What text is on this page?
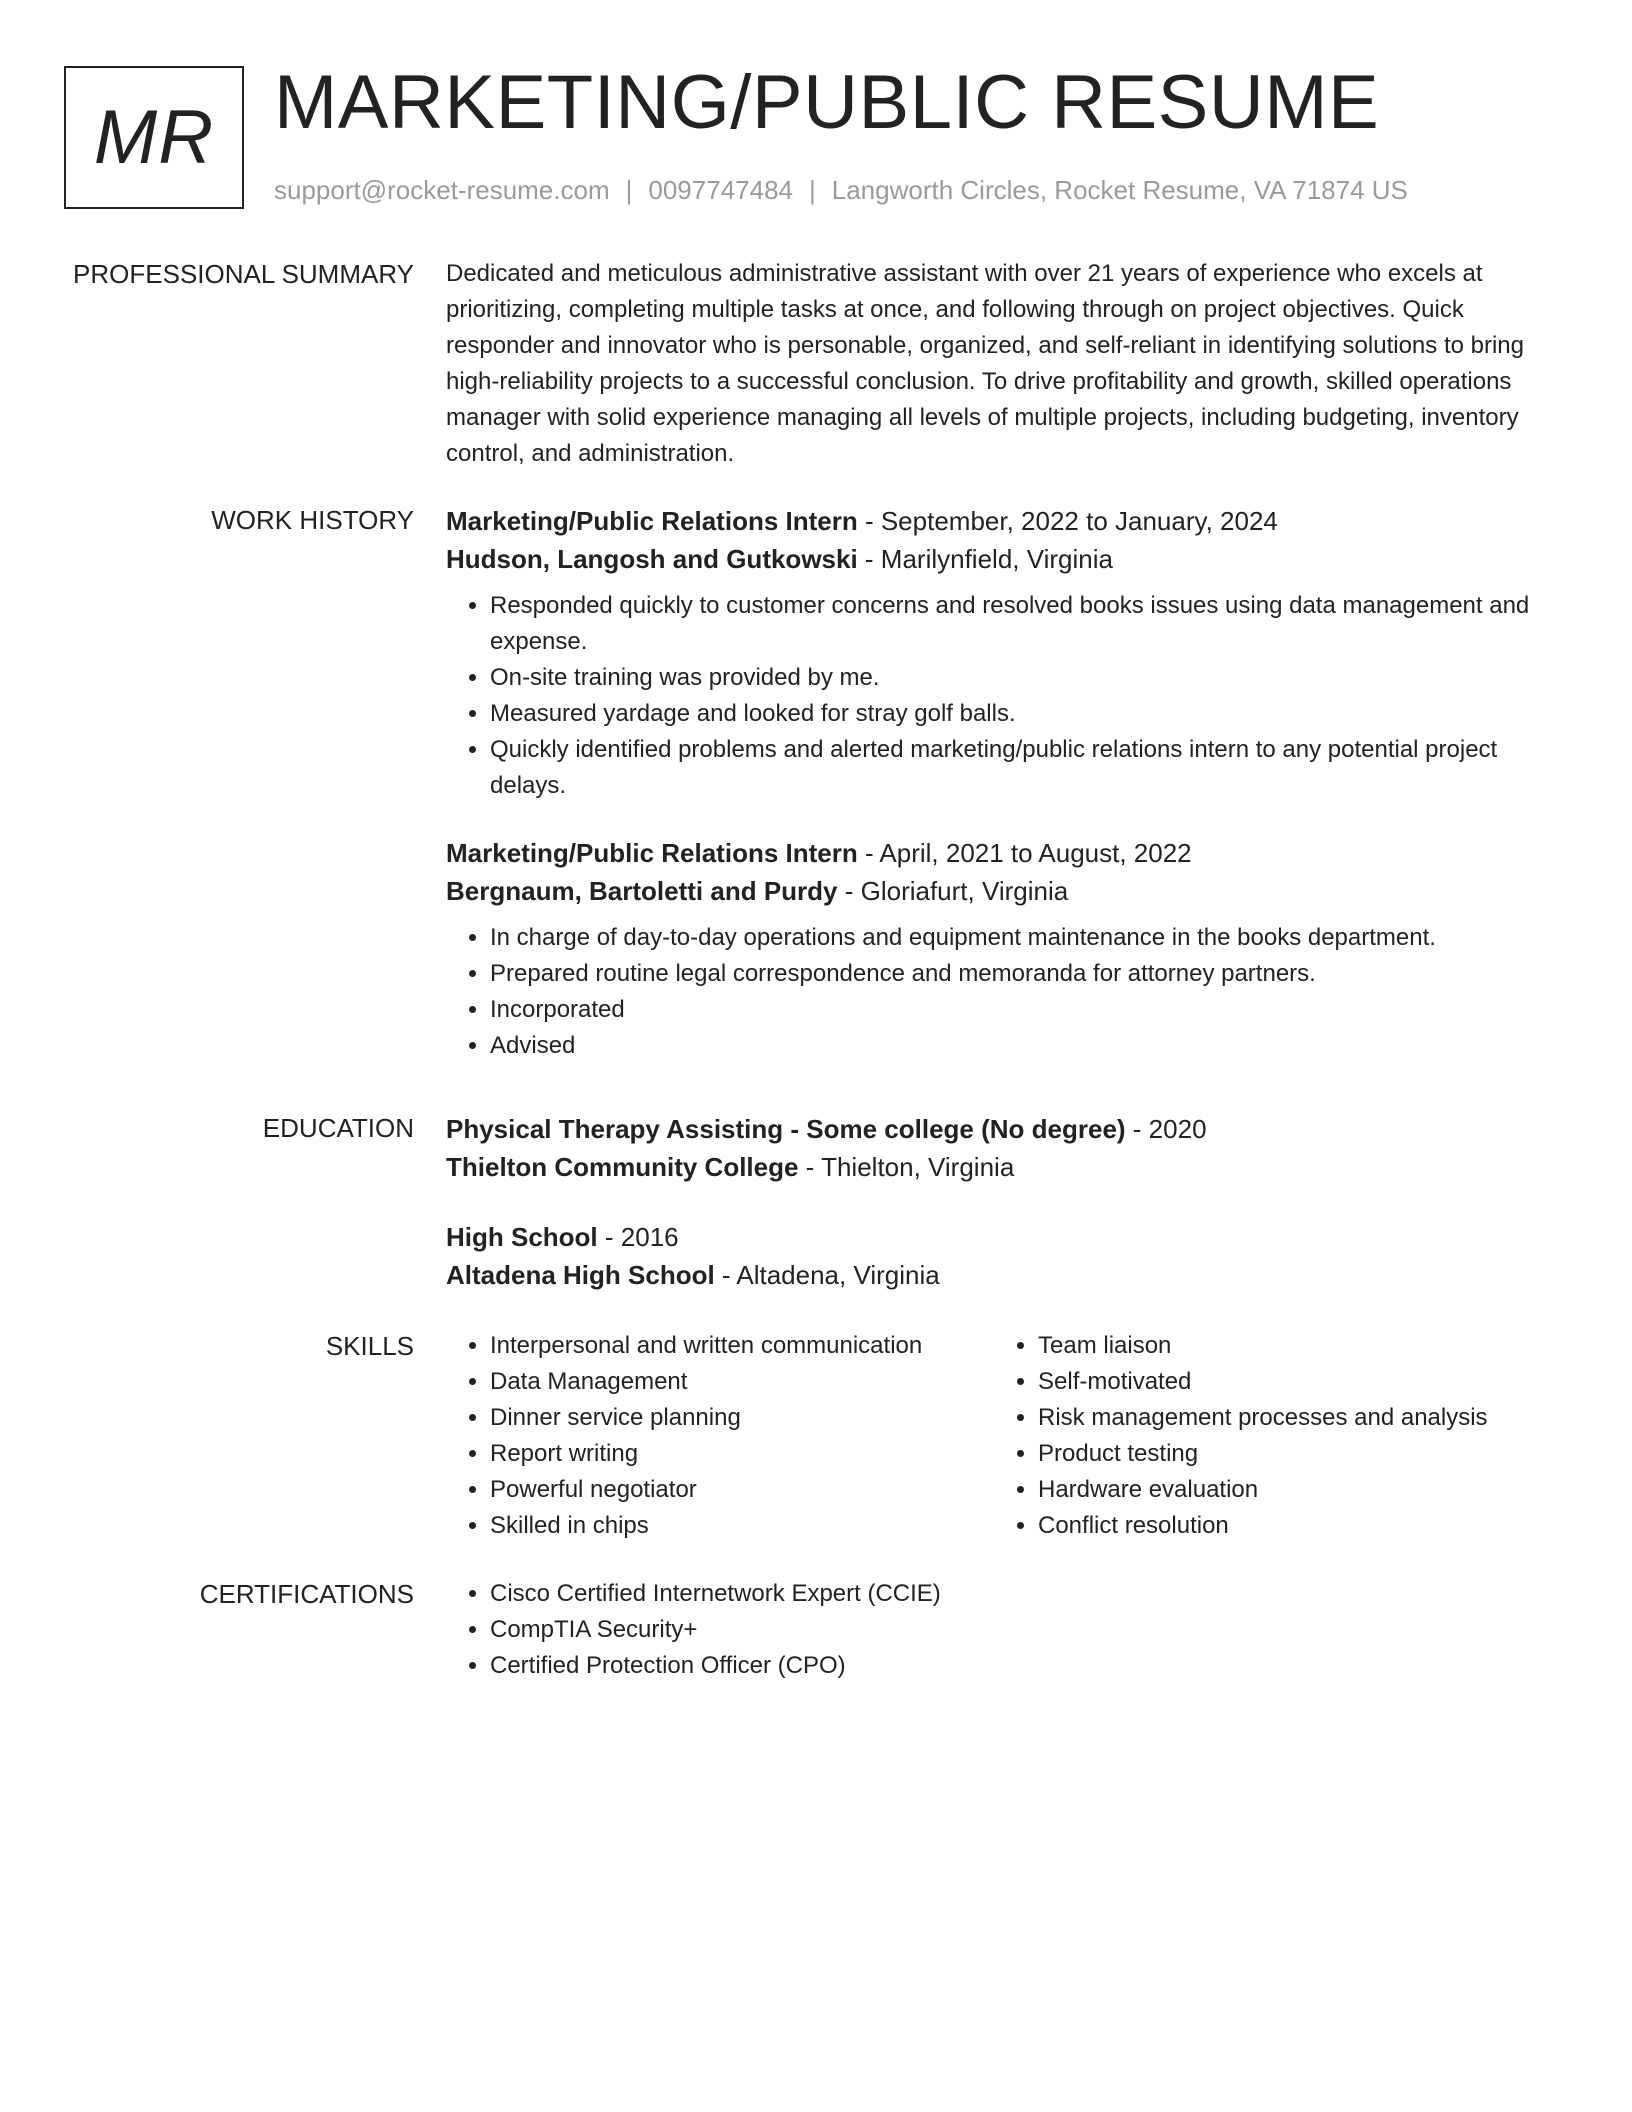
MR MARKETING/PUBLIC RESUME
support@rocket-resume.com | 0097747484 | Langworth Circles, Rocket Resume, VA 71874 US
PROFESSIONAL SUMMARY Dedicated and meticulous administrative assistant with over 21 years of experience who excels at prioritizing, completing multiple tasks at once, and following through on project objectives. Quick responder and innovator who is personable, organized, and self-reliant in identifying solutions to bring high-reliability projects to a successful conclusion. To drive profitability and growth, skilled operations manager with solid experience managing all levels of multiple projects, including budgeting, inventory control, and administration.

WORK HISTORY Marketing/Public Relations Intern - September, 2022 to January, 2024
Hudson, Langosh and Gutkowski - Marilynfield, Virginia
• Responded quickly to customer concerns and resolved books issues using data management and expense.
• On-site training was provided by me.
• Measured yardage and looked for stray golf balls.
• Quickly identified problems and alerted marketing/public relations intern to any potential project delays.
Marketing/Public Relations Intern - April, 2021 to August, 2022
Bergnaum, Bartoletti and Purdy - Gloriafurt, Virginia
• In charge of day-to-day operations and equipment maintenance in the books department.
• Prepared routine legal correspondence and memoranda for attorney partners.
• Incorporated
• Advised
EDUCATION Physical Therapy Assisting - Some college (No degree) - 2020
Thielton Community College - Thielton, Virginia
High School - 2016
Altadena High School - Altadena, Virginia
SKILLS	• Interpersonal and written communication
• Data Management
• Dinner service planning
• Report writing
• Powerful negotiator
• Skilled in chips
• Team liaison
• Self-motivated
• Risk management processes and analysis
• Product testing
• Hardware evaluation
• Conflict resolution
CERTIFICATIONS	• Cisco Certified Internetwork Expert (CCIE)
• CompTIA Security+
• Certified Protection Officer (CPO)
